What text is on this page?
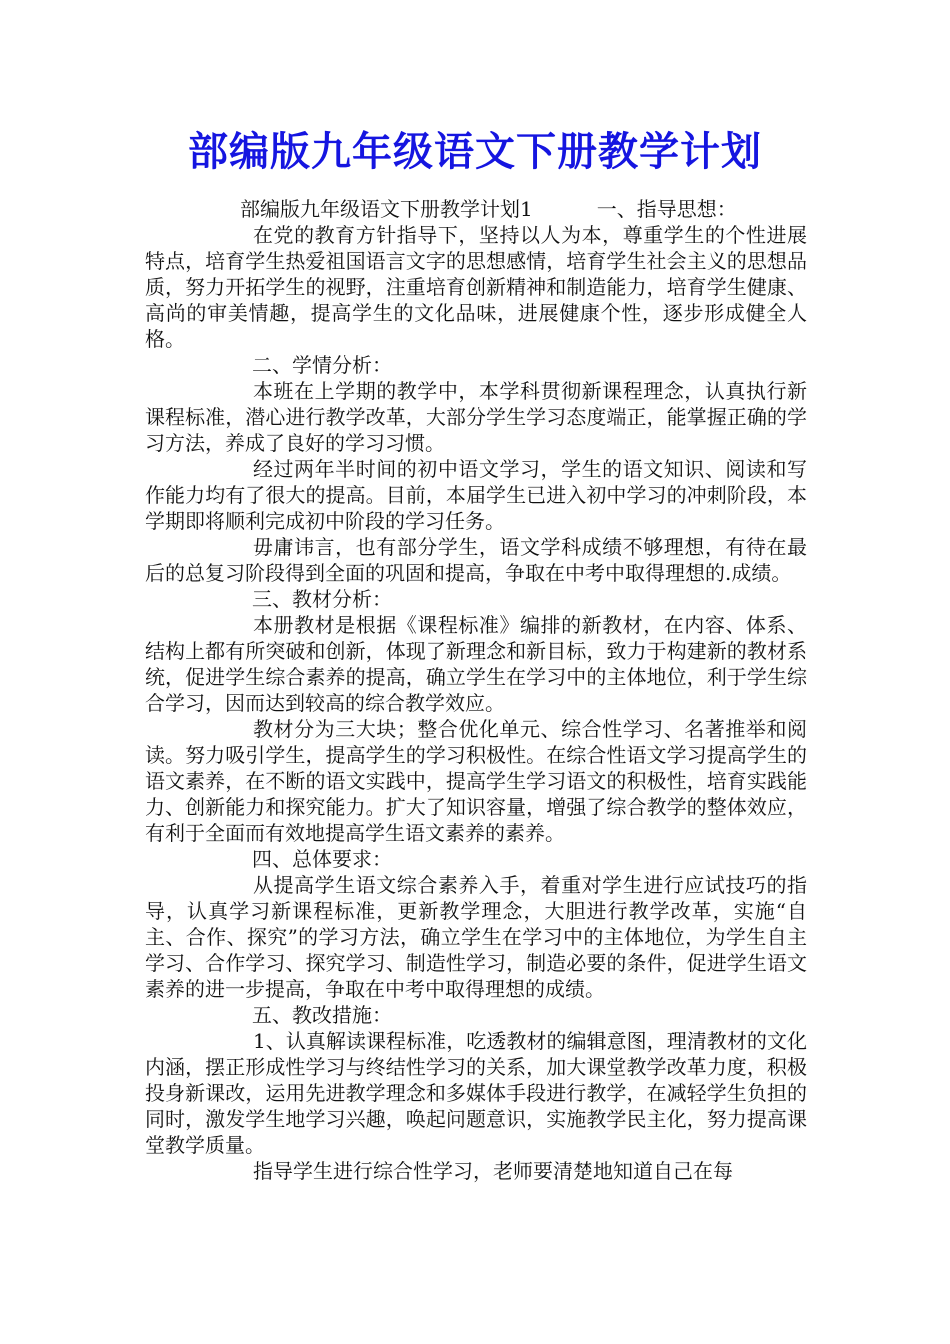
部编版九年级语文下册教学计划

部编版九年级语文下册教学计划1	一、指导思想：

在党的教育方针指导下，坚持以人为本，尊重学生的个性进展特点，培育学生热爱祖国语言文字的思想感情，培育学生社会主义的思想品质，努力开拓学生的视野，注重培育创新精神和制造能力，培育学生健康、高尚的审美情趣，提高学生的文化品味，进展健康个性，逐步形成健全人格。

二、学情分析：

本班在上学期的教学中，本学科贯彻新课程理念，认真执行新课程标准，潜心进行教学改革，大部分学生学习态度端正，能掌握正确的学习方法，养成了良好的学习习惯。

经过两年半时间的初中语文学习，学生的语文知识、阅读和写作能力均有了很大的提高。目前，本届学生已进入初中学习的冲刺阶段，本学期即将顺利完成初中阶段的学习任务。

毋庸讳言，也有部分学生，语文学科成绩不够理想，有待在最后的总复习阶段得到全面的巩固和提高，争取在中考中取得理想的.成绩。

三、教材分析：

本册教材是根据《课程标准》编排的新教材，在内容、体系、结构上都有所突破和创新，体现了新理念和新目标，致力于构建新的教材系统，促进学生综合素养的提高，确立学生在学习中的主体地位，利于学生综合学习，因而达到较高的综合教学效应。

教材分为三大块；整合优化单元、综合性学习、名著推举和阅读。努力吸引学生，提高学生的学习积极性。在综合性语文学习提高学生的语文素养，在不断的语文实践中，提高学生学习语文的积极性，培育实践能力、创新能力和探究能力。扩大了知识容量，增强了综合教学的整体效应，有利于全面而有效地提高学生语文素养的素养。

四、总体要求：

从提高学生语文综合素养入手，着重对学生进行应试技巧的指导，认真学习新课程标准，更新教学理念，大胆进行教学改革，实施“自主、合作、探究”的学习方法，确立学生在学习中的主体地位，为学生自主学习、合作学习、探究学习、制造性学习，制造必要的条件，促进学生语文素养的进一步提高，争取在中考中取得理想的成绩。

五、教改措施：

1、认真解读课程标准，吃透教材的编辑意图，理清教材的文化内涵，摆正形成性学习与终结性学习的关系，加大课堂教学改革力度，积极投身新课改，运用先进教学理念和多媒体手段进行教学，在减轻学生负担的同时，激发学生地学习兴趣，唤起问题意识，实施教学民主化，努力提高课堂教学质量。

指导学生进行综合性学习，老师要清楚地知道自己在每
